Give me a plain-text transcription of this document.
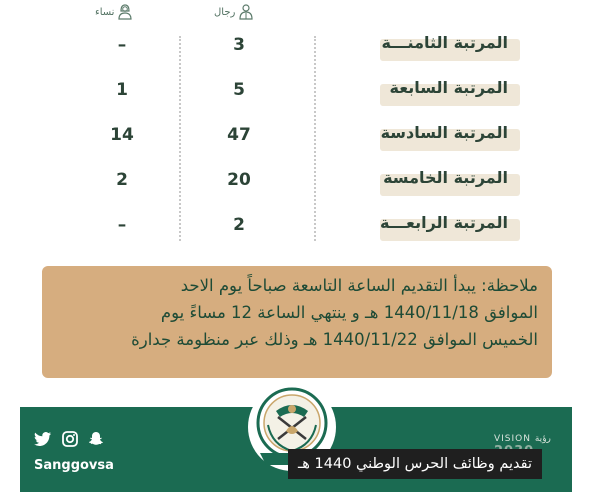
رجال
نساء
المرتبة الثامنـــة
3
–
المرتبة السابعة
5
1
المرتبة السادسة
47
14
المرتبة الخامسة
20
2
المرتبة الرابعـــة
2
–
ملاحظة: يبدأ التقديم الساعة التاسعة صباحاً يوم الاحد
الموافق 1440/11/18 هـ و ينتهي الساعة 12 مساءً يوم
الخميس الموافق 1440/11/22 هـ وذلك عبر منظومة جدارة
Sanggovsa
VISION رؤية
تقديم وظائف الحرس الوطني 1440 هـ
